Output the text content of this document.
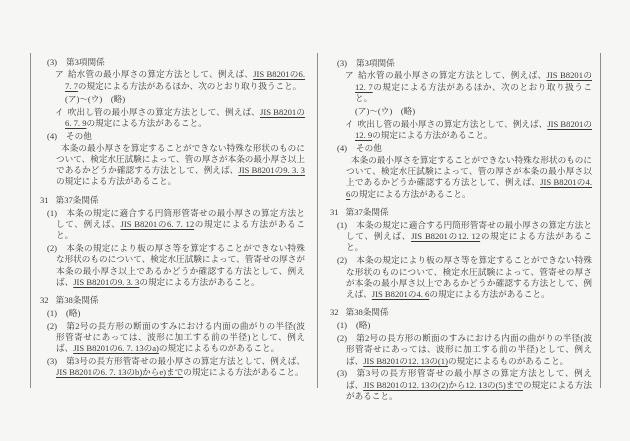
(3) 第3項関係
ア 給水管の最小厚さの算定方法として、例えば、JIS B8201の6. 7. 7の規定による方法があるほか、次のとおり取り扱うこと。
(ア)～(ウ)　(略)
イ 吹出し管の最小厚さの算定方法として、例えば、JIS B8201の6. 7. 9の規定による方法があること。
(4) その他
本条の最小厚さを算定することができない特殊な形状のものについて、検定水圧試験によって、管の厚さが本条の最小厚さ以上であるかどうか確認する方法として、例えば、JIS B8201の9. 3. 3の規定による方法があること。
31 第37条関係
(1) 本条の規定に適合する円筒形管寄せの最小厚さの算定方法として、例えば、JIS B8201の6. 7. 12の規定による方法があること。
(2) 本条の規定により板の厚さ等を算定することができない特殊な形状のものについて、検定水圧試験によって、管寄せの厚さが本条の最小厚さ以上であるかどうか確認する方法として、例えば、JIS B8201の9. 3. 3の規定による方法があること。
32 第38条関係
(1) (略)
(2) 第2号の長方形の断面のすみにおける内面の曲がりの半径(波形管寄せにあっては、波形に加工する前の半径)として、例えば、JIS B8201の6. 7. 13のa)の規定によるものがあること。
(3) 第3号の長方形管寄せの最小厚さの算定方法として、例えば、JIS B8201の6. 7. 13のb)からe)までの規定による方法があること。
(3) 第3項関係
ア 給水管の最小厚さの算定方法として、例えば、JIS B8201の12. 7の規定による方法があるほか、次のとおり取り扱うこと。
(ア)～(ウ)　(略)
イ 吹出し管の最小厚さの算定方法として、例えば、JIS B8201の12. 9の規定による方法があること。
(4) その他
本条の最小厚さを算定することができない特殊な形状のものについて、検定水圧試験によって、管の厚さが本条の最小厚さ以上であるかどうか確認する方法として、例えば、JIS B8201の4. 6の規定による方法があること。
31 第37条関係
(1) 本条の規定に適合する円筒形管寄せの最小厚さの算定方法として、例えば、JIS B8201の12. 12の規定による方法があること。
(2) 本条の規定により板の厚さ等を算定することができない特殊な形状のものについて、検定水圧試験によって、管寄せの厚さが本条の最小厚さ以上であるかどうか確認する方法として、例えば、JIS B8201の4. 6の規定による方法があること。
32 第38条関係
(1) (略)
(2) 第2号の長方形の断面のすみにおける内面の曲がりの半径(波形管寄せにあっては、波形に加工する前の半径)として、例えば、JIS B8201の12. 13の(1)の規定によるものがあること。
(3) 第3号の長方形管寄せの最小厚さの算定方法として、例えば、JIS B8201の12. 13の(2)から12. 13の(5)までの規定による方法があること。
